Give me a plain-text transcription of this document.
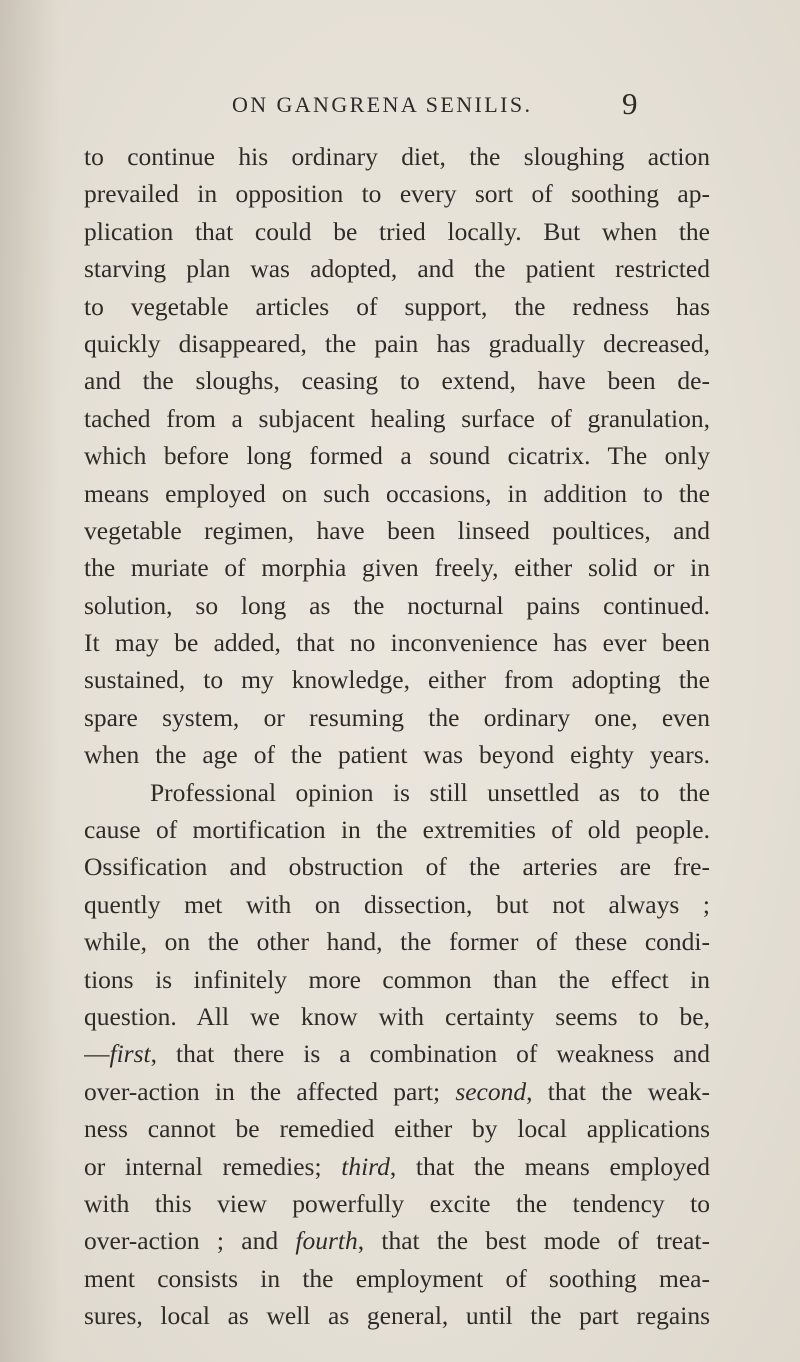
ON GANGRENA SENILIS.	9
to continue his ordinary diet, the sloughing action
prevailed in opposition to every sort of soothing ap-
plication that could be tried locally. But when the
starving plan was adopted, and the patient restricted
to vegetable articles of support, the redness has
quickly disappeared, the pain has gradually decreased,
and the sloughs, ceasing to extend, have been de-
tached from a subjacent healing surface of granulation,
which before long formed a sound cicatrix. The only
means employed on such occasions, in addition to the
vegetable regimen, have been linseed poultices, and
the muriate of morphia given freely, either solid or in
solution, so long as the nocturnal pains continued.
It may be added, that no inconvenience has ever been
sustained, to my knowledge, either from adopting the
spare system, or resuming the ordinary one, even
when the age of the patient was beyond eighty years.
Professional opinion is still unsettled as to the
cause of mortification in the extremities of old people.
Ossification and obstruction of the arteries are fre-
quently met with on dissection, but not always ;
while, on the other hand, the former of these condi-
tions is infinitely more common than the effect in
question. All we know with certainty seems to be,
—first, that there is a combination of weakness and
over-action in the affected part; second, that the weak-
ness cannot be remedied either by local applications
or internal remedies; third, that the means employed
with this view powerfully excite the tendency to
over-action ; and fourth, that the best mode of treat-
ment consists in the employment of soothing mea-
sures, local as well as general, until the part regains
